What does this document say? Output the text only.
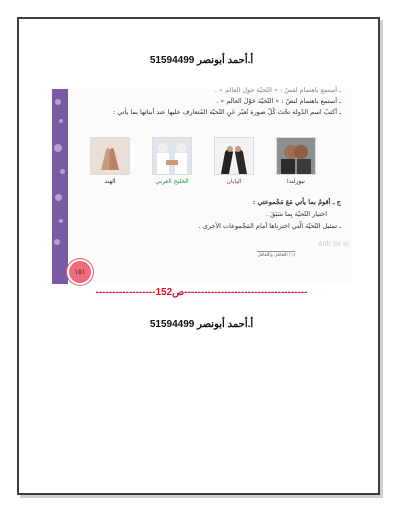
أ.أحمد أبونصر 51594499
ـ أستمع باهتمام لقصّ : « التّحيّة حول العالم » .
ـ أستمع باهتمام لنصّ : « التّحيّة حَوْلَ العالَم » .
ـ أكتبُ اسم الدّولة تحْتَ كُلّ صورة تُعبّر عَنِ التّحيّة المُتعارف عليها عند أبنائها بما يأتي :
الهند	الخليج العربي	اليابان	نيوزلندا
ج ـ أقومُ بما يأتي مَعَ مَجْموعتي :
اختيار التّحيّة بِما سَبَقَ .
ـ تمثيل التّحيّة الّتي اخترناها أمام المَجْموعات الأخرى .
(١) التّعامُل والتّعامُل
Arth Se to
١٥١
------------------ص152-------------------------------------
أ.أحمد أبونصر 51594499
